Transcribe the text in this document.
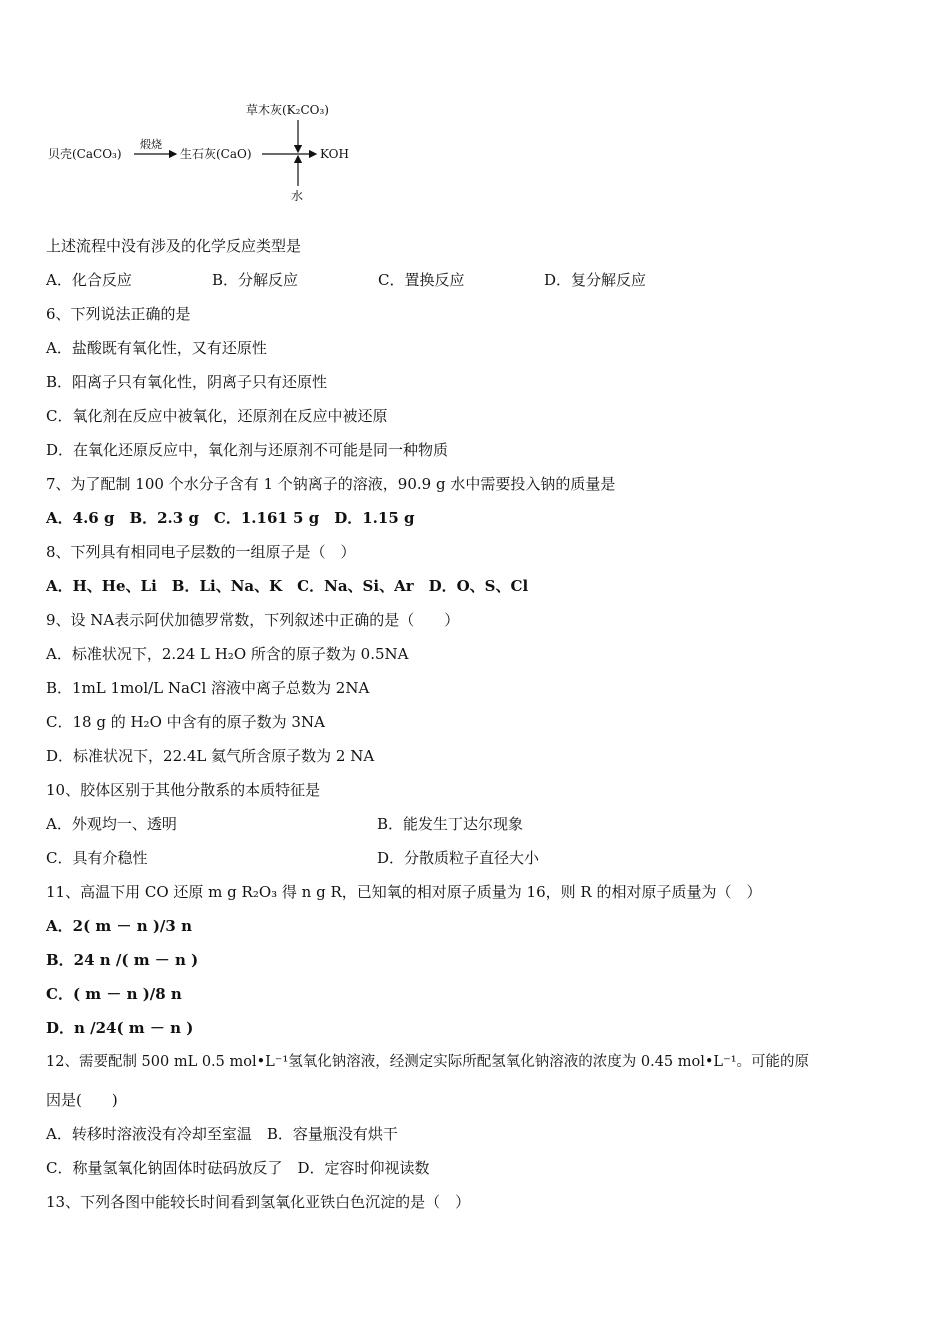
草木灰(K₂CO₃)
贝壳(CaCO₃)
煅烧
生石灰(CaO)	KOH
水
上述流程中没有涉及的化学反应类型是
A．化合反应	B．分解反应	C．置换反应	D．复分解反应
6、下列说法正确的是
A．盐酸既有氧化性，又有还原性
B．阳离子只有氧化性，阴离子只有还原性
C．氧化剂在反应中被氧化，还原剂在反应中被还原
D．在氧化还原反应中，氧化剂与还原剂不可能是同一种物质
7、为了配制 100 个水分子含有 1 个钠离子的溶液，90.9 g 水中需要投入钠的质量是
A．4.6 g　B．2.3 g　C．1.161 5 g　D．1.15 g
8、下列具有相同电子层数的一组原子是（　）
A．H、He、Li　B．Li、Na、K　C．Na、Si、Ar　D．O、S、Cl
9、设 NA表示阿伏加德罗常数，下列叙述中正确的是（　　）
A．标准状况下，2.24 L H₂O 所含的原子数为 0.5NA
B．1mL 1mol/L NaCl 溶液中离子总数为 2NA
C．18 g 的 H₂O 中含有的原子数为 3NA
D．标准状况下，22.4L 氦气所含原子数为 2 NA
10、胶体区别于其他分散系的本质特征是
A．外观均一、透明	B．能发生丁达尔现象
C．具有介稳性	D．分散质粒子直径大小
11、高温下用 CO 还原 m g R₂O₃ 得 n g R，已知氧的相对原子质量为 16，则 R 的相对原子质量为（　）
A．2( m － n )/3 n
B．24 n /( m － n )
C．( m － n )/8 n
D．n /24( m － n )
12、需要配制 500 mL 0.5 mol•L⁻¹氢氧化钠溶液，经测定实际所配氢氧化钠溶液的浓度为 0.45 mol•L⁻¹。可能的原
因是(　　)
A．转移时溶液没有冷却至室温　B．容量瓶没有烘干
C．称量氢氧化钠固体时砝码放反了　D．定容时仰视读数
13、下列各图中能较长时间看到氢氧化亚铁白色沉淀的是（　）
